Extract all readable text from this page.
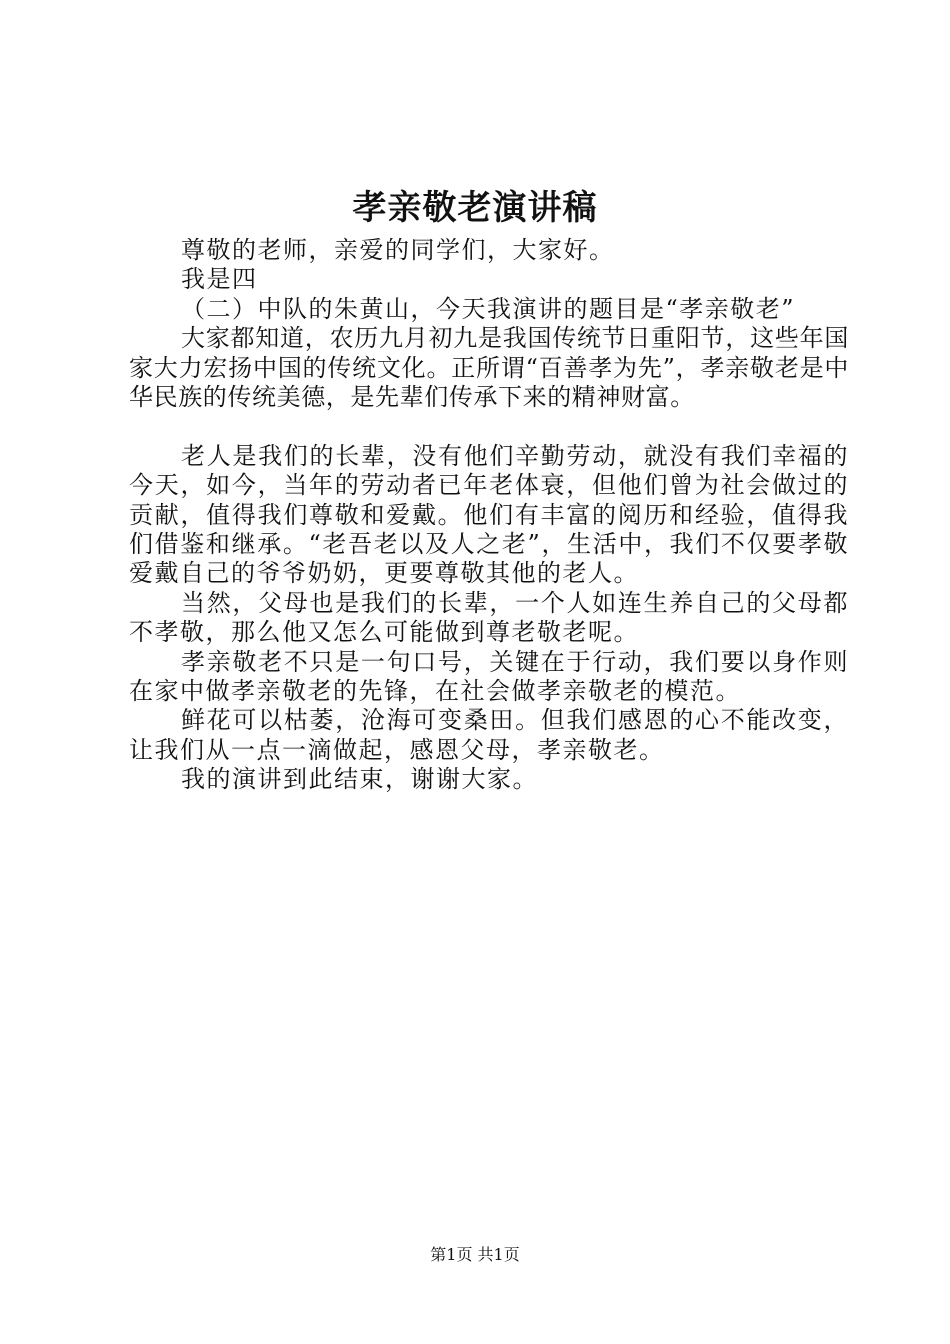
孝亲敬老演讲稿

尊敬的老师，亲爱的同学们，大家好。

我是四

（二）中队的朱黄山，今天我演讲的题目是“孝亲敬老”

大家都知道，农历九月初九是我国传统节日重阳节，这些年国家大力宏扬中国的传统文化。正所谓“百善孝为先”，孝亲敬老是中华民族的传统美德，是先辈们传承下来的精神财富。

老人是我们的长辈，没有他们辛勤劳动，就没有我们幸福的今天，如今，当年的劳动者已年老体衰，但他们曾为社会做过的贡献，值得我们尊敬和爱戴。他们有丰富的阅历和经验，值得我们借鉴和继承。“老吾老以及人之老”，生活中，我们不仅要孝敬爱戴自己的爷爷奶奶，更要尊敬其他的老人。

当然，父母也是我们的长辈，一个人如连生养自己的父母都不孝敬，那么他又怎么可能做到尊老敬老呢。

孝亲敬老不只是一句口号，关键在于行动，我们要以身作则在家中做孝亲敬老的先锋，在社会做孝亲敬老的模范。

鲜花可以枯萎，沧海可变桑田。但我们感恩的心不能改变，让我们从一点一滴做起，感恩父母，孝亲敬老。

我的演讲到此结束，谢谢大家。

第1页 共1页
